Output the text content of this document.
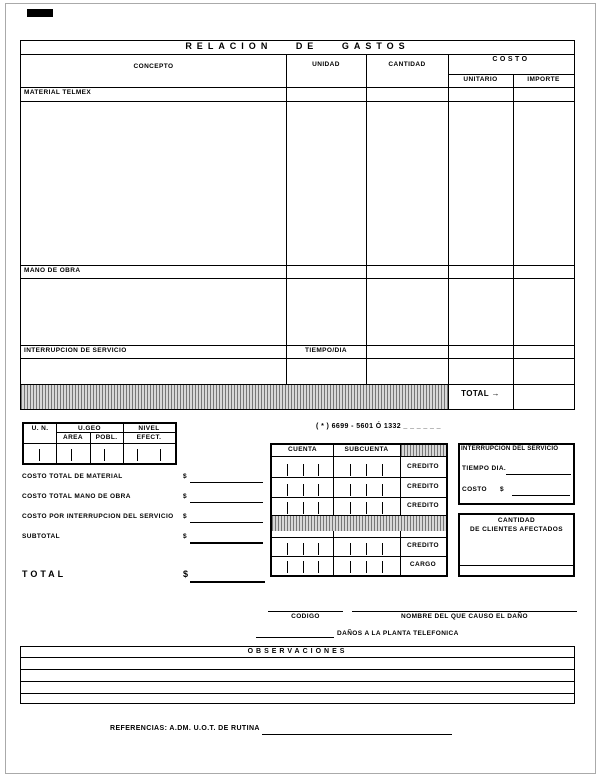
RELACION DE GASTOS
CONCEPTO	UNIDAD	CANTIDAD
COSTO
UNITARIO	IMPORTE
MATERIAL TELMEX
MANO DE OBRA
INTERRUPCION DE SERVICIO	TIEMPO/DIA
TOTAL →
U. N.	U.GEO	NIVEL
AREA	POBL.	EFECT.
( * ) 6699 - 5601 Ó 1332 _ _ _ _ _ _
CUENTA	SUBCUENTA
CREDITO
CREDITO
CREDITO
CREDITO
CARGO
INTERRUPCION DEL SERVICIO
TIEMPO DIA.
COSTO $
CANTIDAD
DE CLIENTES AFECTADOS
COSTO TOTAL DE MATERIAL	$
COSTO TOTAL MANO DE OBRA	$
COSTO POR INTERRUPCION DEL SERVICIO $
SUBTOTAL	$
TOTAL	$
CODIGO	NOMBRE DEL QUE CAUSO EL DAÑO
DAÑOS A LA PLANTA TELEFONICA
OBSERVACIONES
REFERENCIAS: A.DM. U.O.T. DE RUTINA
